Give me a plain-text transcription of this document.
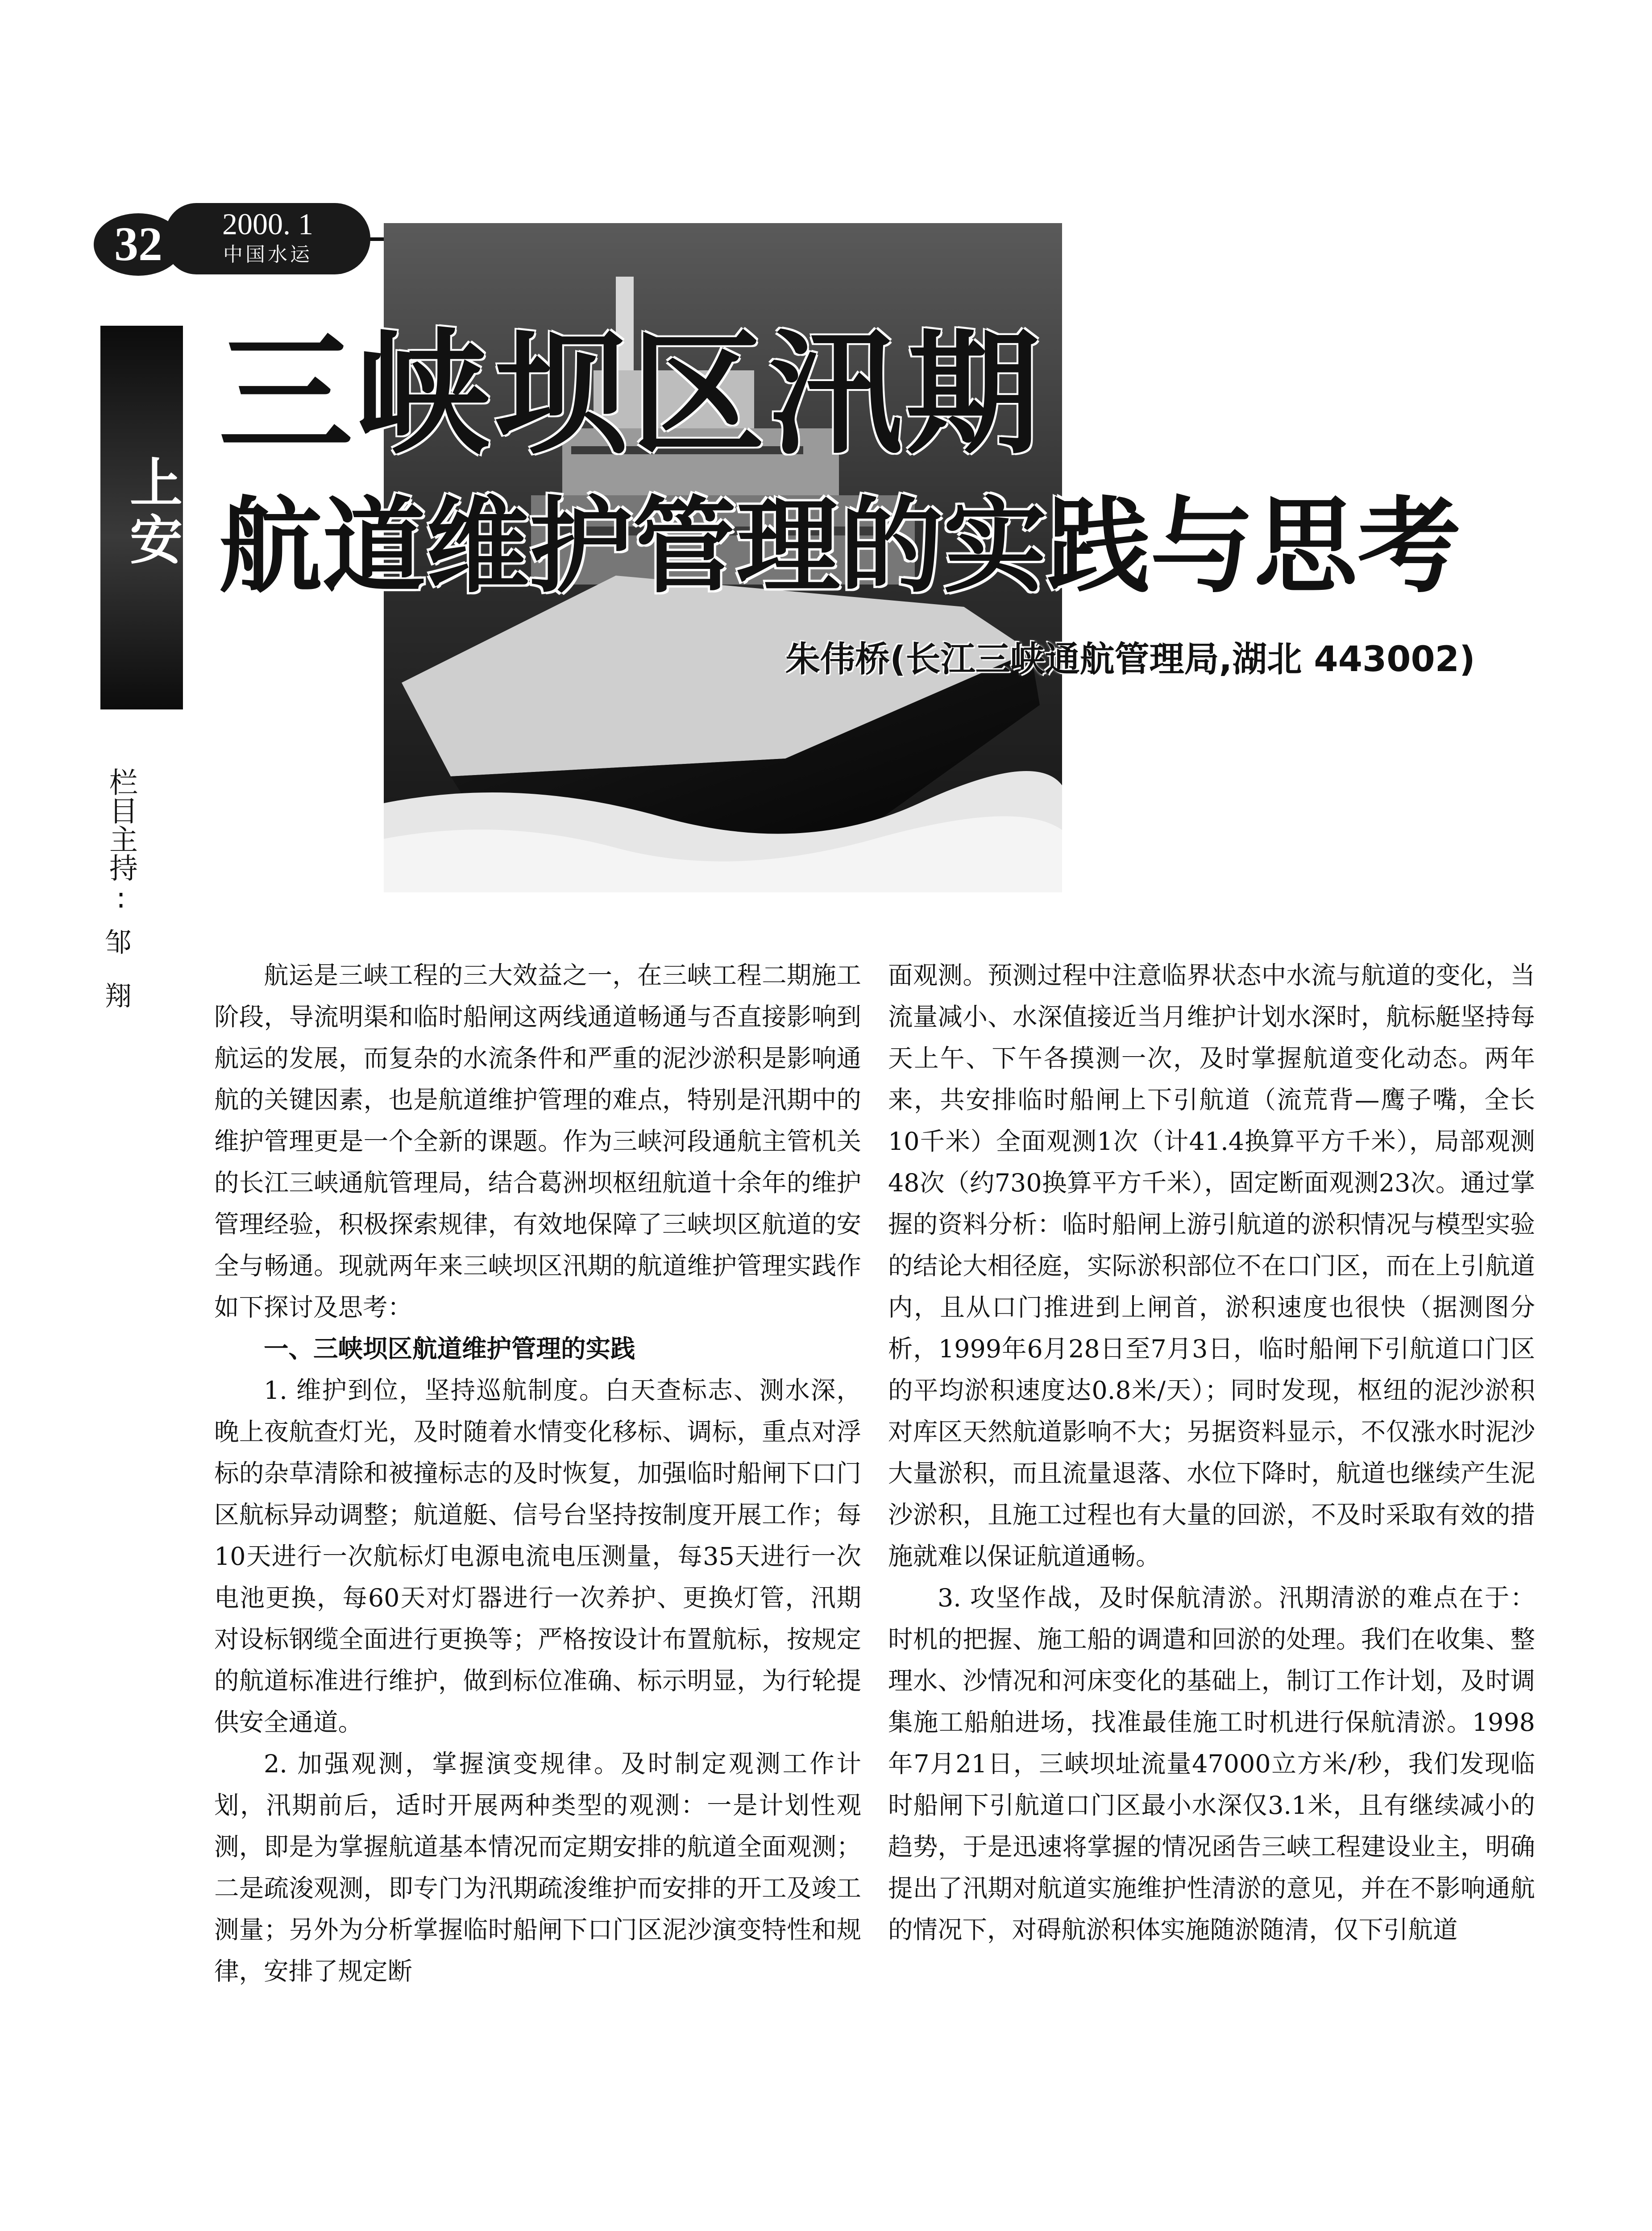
2000. 1
中国水运
32
上安
三峡坝区汛期
航道维护管理的实践与思考
朱伟桥(长江三峡通航管理局,湖北 443002)
栏目主持:
邹翔	航运是三峡工程的三大效益之一，在三峡工程二期施工阶段，导流明渠和临时船闸这两线通道畅通与否直接影响到航运的发展，而复杂的水流条件和严重的泥沙淤积是影响通航的关键因素，也是航道维护管理的难点，特别是汛期中的维护管理更是一个全新的课题。作为三峡河段通航主管机关的长江三峡通航管理局，结合葛洲坝枢纽航道十余年的维护管理经验，积极探索规律，有效地保障了三峡坝区航道的安全与畅通。现就两年来三峡坝区汛期的航道维护管理实践作如下探讨及思考：

一、三峡坝区航道维护管理的实践

1. 维护到位，坚持巡航制度。白天查标志、测水深，晚上夜航查灯光，及时随着水情变化移标、调标，重点对浮标的杂草清除和被撞标志的及时恢复，加强临时船闸下口门区航标异动调整；航道艇、信号台坚持按制度开展工作；每10天进行一次航标灯电源电流电压测量，每35天进行一次电池更换，每60天对灯器进行一次养护、更换灯管，汛期对设标钢缆全面进行更换等；严格按设计布置航标，按规定的航道标准进行维护，做到标位准确、标示明显，为行轮提供安全通道。

2. 加强观测，掌握演变规律。及时制定观测工作计划，汛期前后，适时开展两种类型的观测：一是计划性观测，即是为掌握航道基本情况而定期安排的航道全面观测；二是疏浚观测，即专门为汛期疏浚维护而安排的开工及竣工测量；另外为分析掌握临时船闸下口门区泥沙演变特性和规律，安排了规定断

面观测。预测过程中注意临界状态中水流与航道的变化，当流量减小、水深值接近当月维护计划水深时，航标艇坚持每天上午、下午各摸测一次，及时掌握航道变化动态。两年来，共安排临时船闸上下引航道（流荒背—鹰子嘴，全长10千米）全面观测1次（计41.4换算平方千米），局部观测48次（约730换算平方千米），固定断面观测23次。通过掌握的资料分析：临时船闸上游引航道的淤积情况与模型实验的结论大相径庭，实际淤积部位不在口门区，而在上引航道内，且从口门推进到上闸首，淤积速度也很快（据测图分析，1999年6月28日至7月3日，临时船闸下引航道口门区的平均淤积速度达0.8米/天）；同时发现，枢纽的泥沙淤积对库区天然航道影响不大；另据资料显示，不仅涨水时泥沙大量淤积，而且流量退落、水位下降时，航道也继续产生泥沙淤积，且施工过程也有大量的回淤，不及时采取有效的措施就难以保证航道通畅。

3. 攻坚作战，及时保航清淤。汛期清淤的难点在于：时机的把握、施工船的调遣和回淤的处理。我们在收集、整理水、沙情况和河床变化的基础上，制订工作计划，及时调集施工船舶进场，找准最佳施工时机进行保航清淤。1998年7月21日，三峡坝址流量47000立方米/秒，我们发现临时船闸下引航道口门区最小水深仅3.1米，且有继续减小的趋势，于是迅速将掌握的情况函告三峡工程建设业主，明确提出了汛期对航道实施维护性清淤的意见，并在不影响通航的情况下，对碍航淤积体实施随淤随清，仅下引航道
